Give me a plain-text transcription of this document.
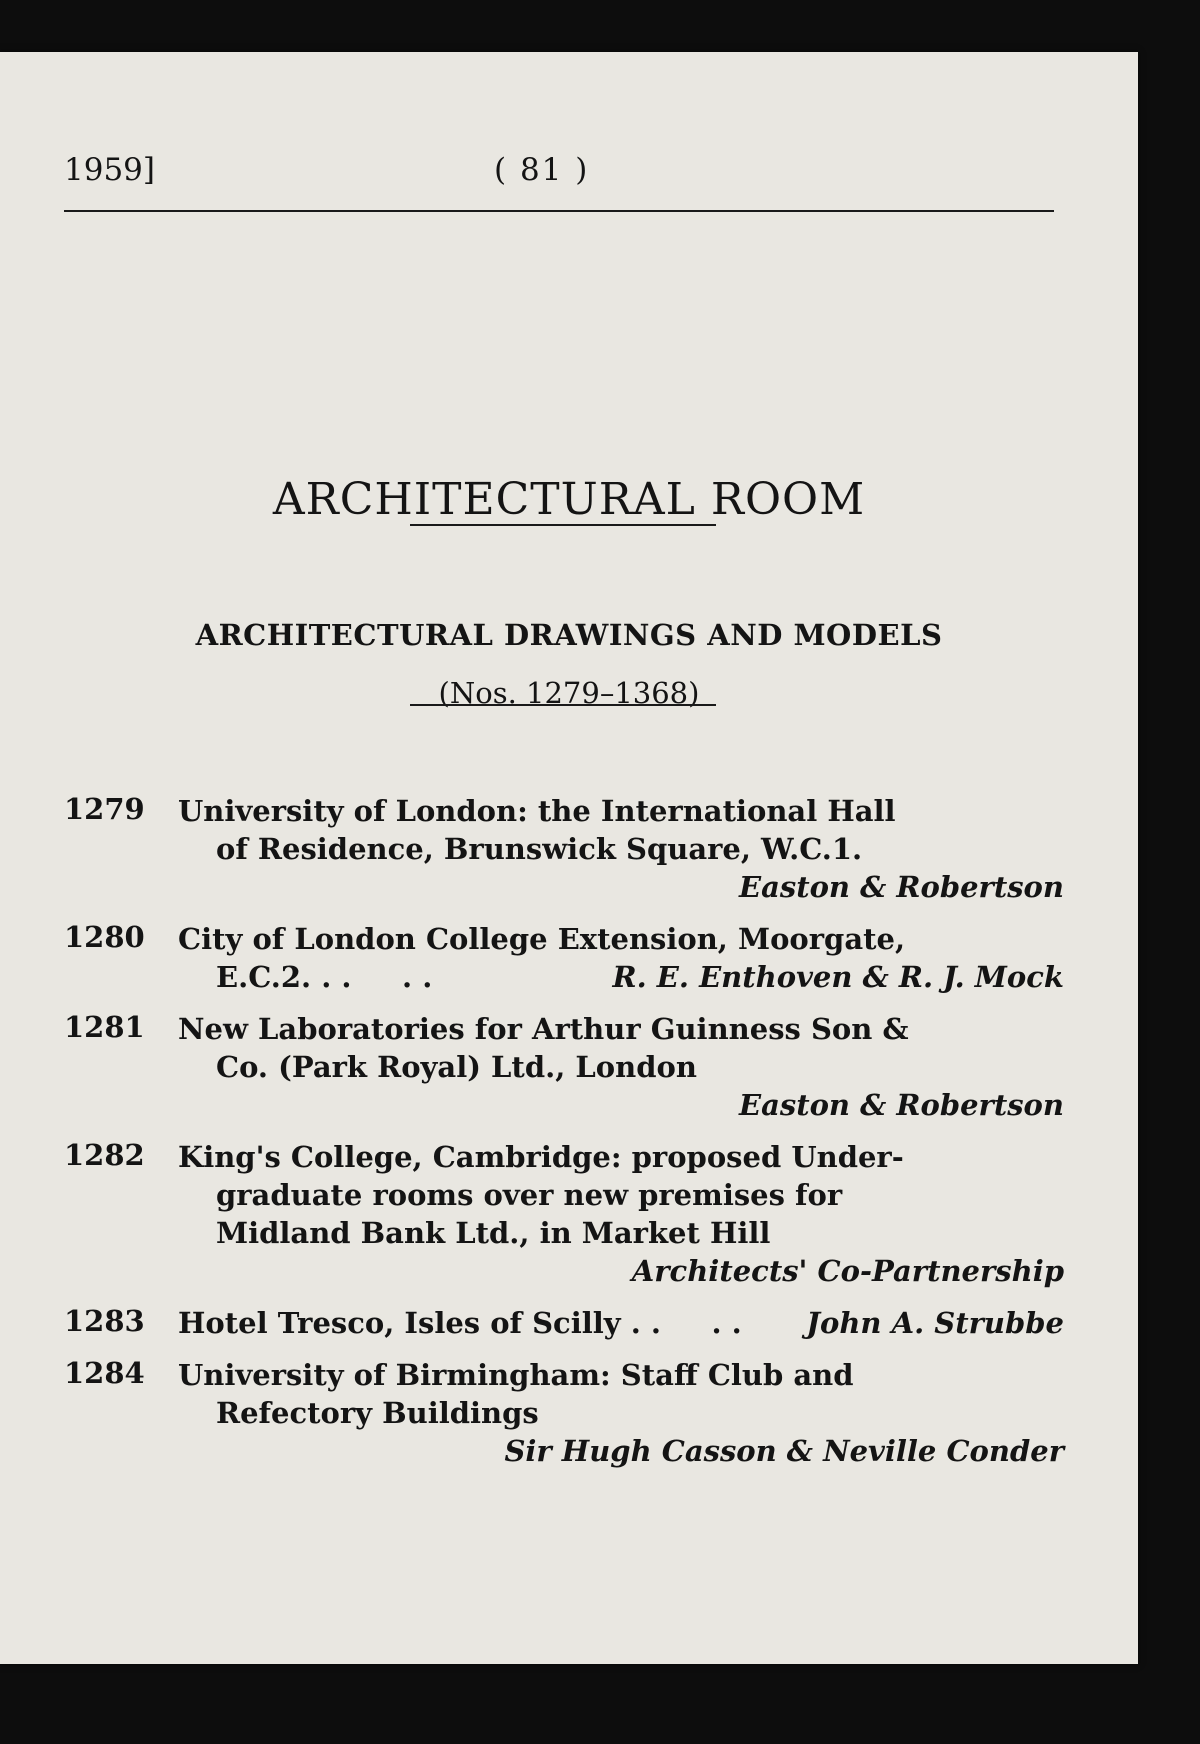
1959]	( 81 )
ARCHITECTURAL ROOM
ARCHITECTURAL DRAWINGS AND MODELS
(Nos. 1279–1368)
1279 University of London: the International Hall
of Residence, Brunswick Square, W.C.1.
Easton & Robertson
1280 City of London College Extension, Moorgate,
E.C.2. . .     . .	R. E. Enthoven & R. J. Mock
1281 New Laboratories for Arthur Guinness Son &
Co. (Park Royal) Ltd., London
Easton & Robertson
1282 King's College, Cambridge: proposed Under-
graduate rooms over new premises for
Midland Bank Ltd., in Market Hill
Architects' Co-Partnership
1283 Hotel Tresco, Isles of Scilly . .     . . John A. Strubbe
1284 University of Birmingham: Staff Club and
Refectory Buildings
Sir Hugh Casson & Neville Conder
